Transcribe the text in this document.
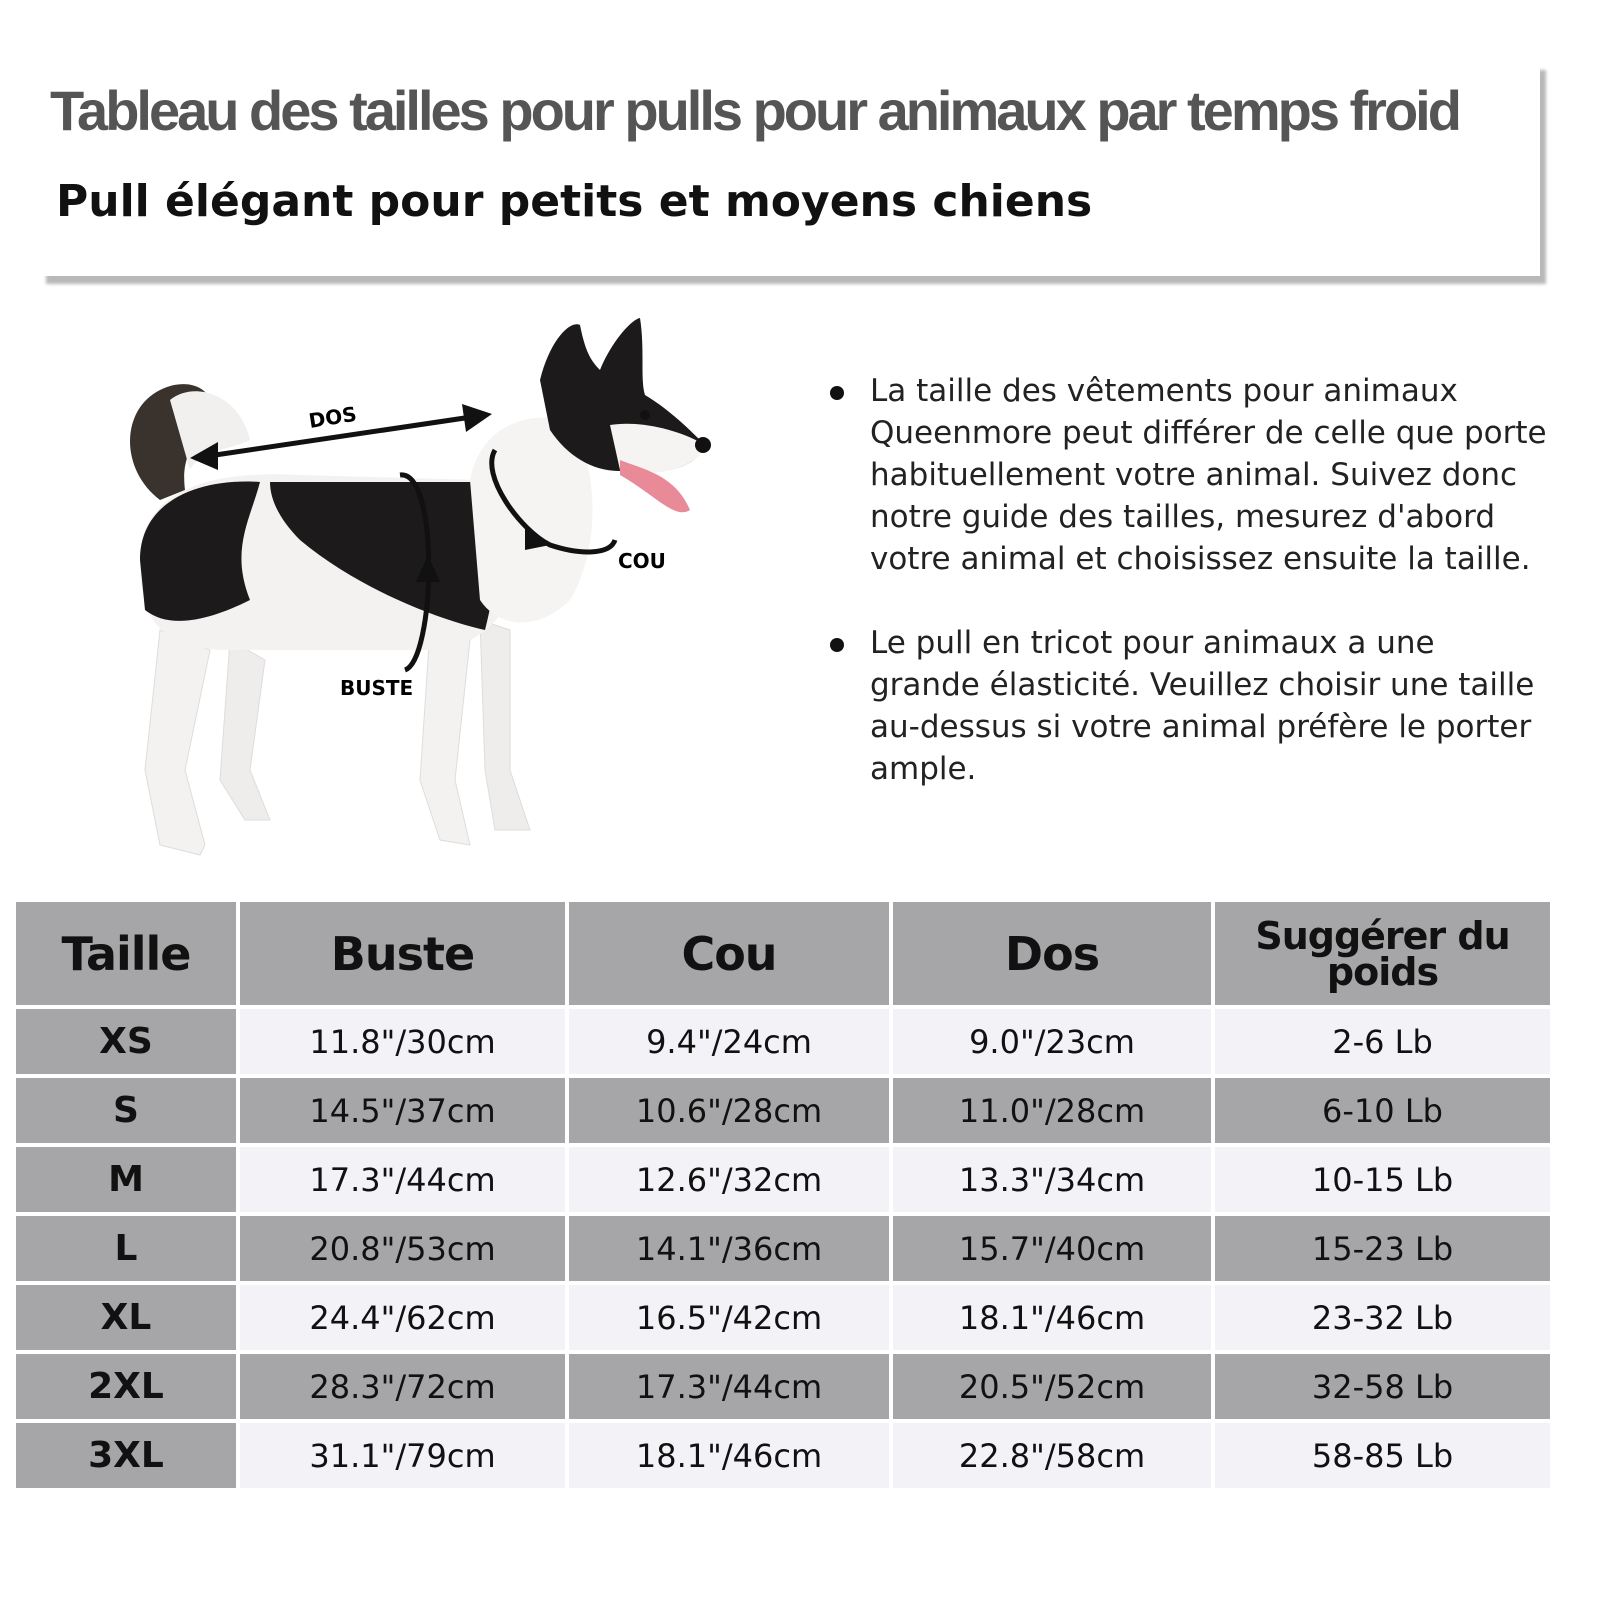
Tableau des tailles pour pulls pour animaux par temps froid
Pull élégant pour petits et moyens chiens
DOS
COU
BUSTE
La taille des vêtements pour animaux Queenmore peut différer de celle que porte habituellement votre animal. Suivez donc notre guide des tailles, mesurez d'abord votre animal et choisissez ensuite la taille.
Le pull en tricot pour animaux a une grande élasticité. Veuillez choisir une taille au-dessus si votre animal préfère le porter ample.
Taille	Buste	Cou	Dos	Suggérer du poids
XS	11.8"/30cm	9.4"/24cm	9.0"/23cm	2-6 Lb
S	14.5"/37cm	10.6"/28cm	11.0"/28cm	6-10 Lb
M	17.3"/44cm	12.6"/32cm	13.3"/34cm	10-15 Lb
L	20.8"/53cm	14.1"/36cm	15.7"/40cm	15-23 Lb
XL	24.4"/62cm	16.5"/42cm	18.1"/46cm	23-32 Lb
2XL	28.3"/72cm	17.3"/44cm	20.5"/52cm	32-58 Lb
3XL	31.1"/79cm	18.1"/46cm	22.8"/58cm	58-85 Lb
